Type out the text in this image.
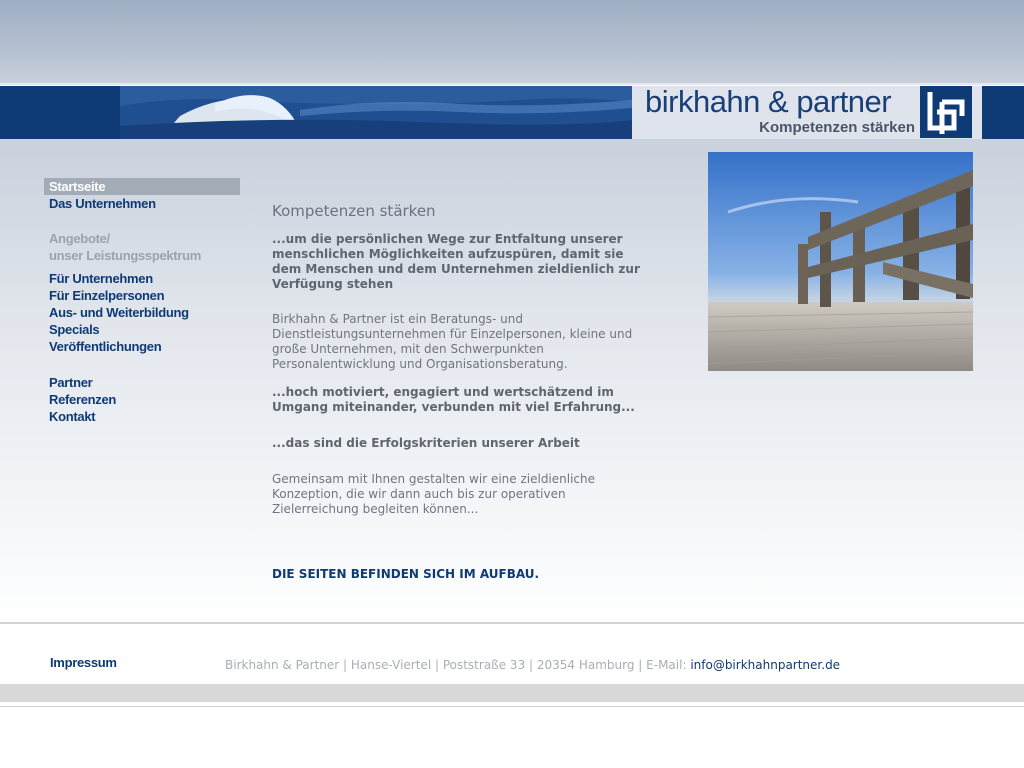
birkhahn & partner
Kompetenzen stärken
Startseite
Das Unternehmen
Angebote/
unser Leistungsspektrum
Für Unternehmen
Für Einzelpersonen
Aus- und Weiterbildung
Specials
Veröffentlichungen
Partner
Referenzen
Kontakt
Kompetenzen stärken
...um die persönlichen Wege zur Entfaltung unserer menschlichen Möglichkeiten aufzuspüren, damit sie dem Menschen und dem Unternehmen zieldienlich zur Verfügung stehen
Birkhahn & Partner ist ein Beratungs- und Dienstleistungsunternehmen für Einzelpersonen, kleine und große Unternehmen, mit den Schwerpunkten Personalentwicklung und Organisationsberatung.
...hoch motiviert, engagiert und wertschätzend im Umgang miteinander, verbunden mit viel Erfahrung...
...das sind die Erfolgskriterien unserer Arbeit
Gemeinsam mit Ihnen gestalten wir eine zieldienliche Konzeption, die wir dann auch bis zur operativen Zielerreichung begleiten können...
DIE SEITEN BEFINDEN SICH IM AUFBAU.
Impressum	Birkhahn & Partner | Hanse-Viertel | Poststraße 33 | 20354 Hamburg | E-Mail: info@birkhahnpartner.de
